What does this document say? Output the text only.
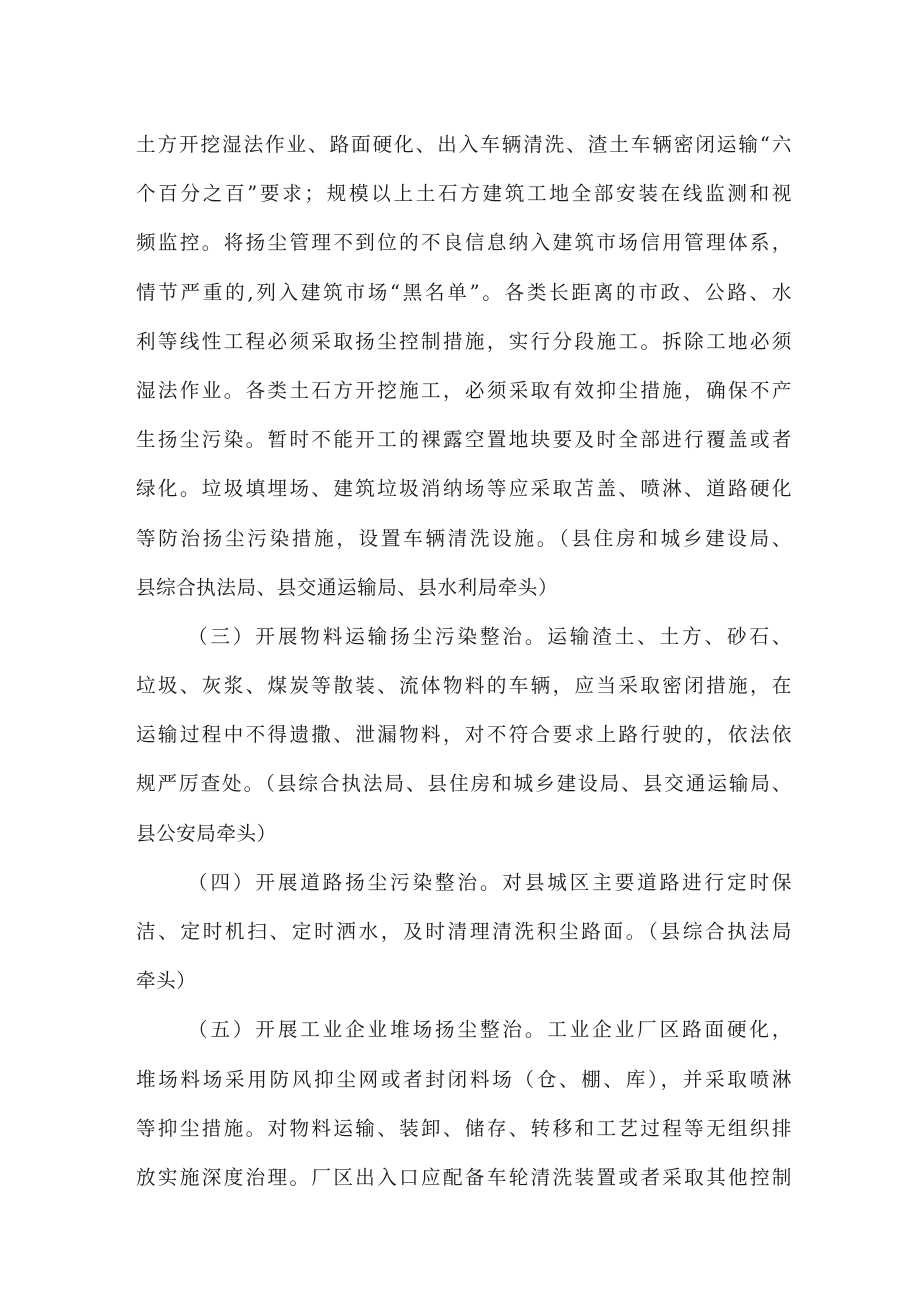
土方开挖湿法作业、路面硬化、出入车辆清洗、渣土车辆密闭运输“六
个百分之百”要求；规模以上土石方建筑工地全部安装在线监测和视
频监控。将扬尘管理不到位的不良信息纳入建筑市场信用管理体系，
情节严重的,列入建筑市场“黑名单”。各类长距离的市政、公路、水
利等线性工程必须采取扬尘控制措施，实行分段施工。拆除工地必须
湿法作业。各类土石方开挖施工，必须采取有效抑尘措施，确保不产
生扬尘污染。暂时不能开工的裸露空置地块要及时全部进行覆盖或者
绿化。垃圾填埋场、建筑垃圾消纳场等应采取苫盖、喷淋、道路硬化
等防治扬尘污染措施，设置车辆清洗设施。（县住房和城乡建设局、
县综合执法局、县交通运输局、县水利局牵头）

（三）开展物料运输扬尘污染整治。运输渣土、土方、砂石、
垃圾、灰浆、煤炭等散装、流体物料的车辆，应当采取密闭措施，在
运输过程中不得遗撒、泄漏物料，对不符合要求上路行驶的，依法依
规严厉查处。（县综合执法局、县住房和城乡建设局、县交通运输局、
县公安局牵头）

（四）开展道路扬尘污染整治。对县城区主要道路进行定时保
洁、定时机扫、定时洒水，及时清理清洗积尘路面。（县综合执法局
牵头）

（五）开展工业企业堆场扬尘整治。工业企业厂区路面硬化，
堆场料场采用防风抑尘网或者封闭料场（仓、棚、库），并采取喷淋
等抑尘措施。对物料运输、装卸、储存、转移和工艺过程等无组织排
放实施深度治理。厂区出入口应配备车轮清洗装置或者采取其他控制
